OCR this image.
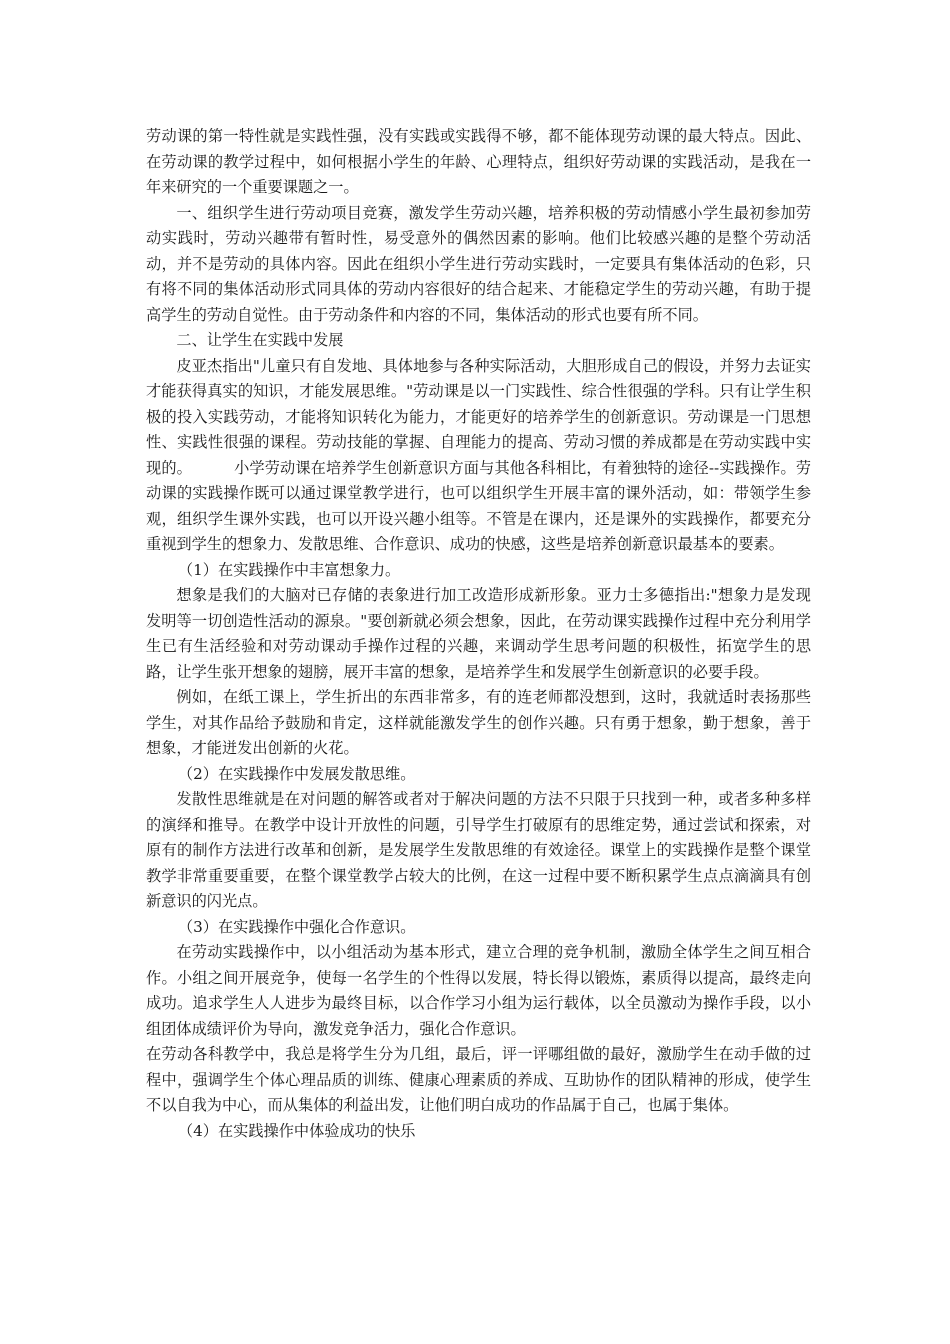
劳动课的第一特性就是实践性强，没有实践或实践得不够，都不能体现劳动课的最大特点。因此、在劳动课的教学过程中，如何根据小学生的年龄、心理特点，组织好劳动课的实践活动，是我在一年来研究的一个重要课题之一。

一、组织学生进行劳动项目竞赛，激发学生劳动兴趣，培养积极的劳动情感小学生最初参加劳动实践时，劳动兴趣带有暂时性，易受意外的偶然因素的影响。他们比较感兴趣的是整个劳动活动，并不是劳动的具体内容。因此在组织小学生进行劳动实践时，一定要具有集体活动的色彩，只有将不同的集体活动形式同具体的劳动内容很好的结合起来、才能稳定学生的劳动兴趣，有助于提高学生的劳动自觉性。由于劳动条件和内容的不同，集体活动的形式也要有所不同。

二、让学生在实践中发展

皮亚杰指出"儿童只有自发地、具体地参与各种实际活动，大胆形成自己的假设，并努力去证实才能获得真实的知识，才能发展思维。"劳动课是以一门实践性、综合性很强的学科。只有让学生积极的投入实践劳动，才能将知识转化为能力，才能更好的培养学生的创新意识。劳动课是一门思想性、实践性很强的课程。劳动技能的掌握、自理能力的提高、劳动习惯的养成都是在劳动实践中实现的。	小学劳动课在培养学生创新意识方面与其他各科相比，有着独特的途径--实践操作。劳动课的实践操作既可以通过课堂教学进行，也可以组织学生开展丰富的课外活动，如：带领学生参观，组织学生课外实践，也可以开设兴趣小组等。不管是在课内，还是课外的实践操作，都要充分重视到学生的想象力、发散思维、合作意识、成功的快感，这些是培养创新意识最基本的要素。

（1）在实践操作中丰富想象力。

想象是我们的大脑对已存储的表象进行加工改造形成新形象。亚力士多德指出:"想象力是发现发明等一切创造性活动的源泉。"要创新就必须会想象，因此，在劳动课实践操作过程中充分利用学生已有生活经验和对劳动课动手操作过程的兴趣，来调动学生思考问题的积极性，拓宽学生的思路，让学生张开想象的翅膀，展开丰富的想象，是培养学生和发展学生创新意识的必要手段。

例如，在纸工课上，学生折出的东西非常多，有的连老师都没想到，这时，我就适时表扬那些学生，对其作品给予鼓励和肯定，这样就能激发学生的创作兴趣。只有勇于想象，勤于想象，善于想象，才能迸发出创新的火花。

（2）在实践操作中发展发散思维。

发散性思维就是在对问题的解答或者对于解决问题的方法不只限于只找到一种，或者多种多样的演绎和推导。在教学中设计开放性的问题，引导学生打破原有的思维定势，通过尝试和探索，对原有的制作方法进行改革和创新，是发展学生发散思维的有效途径。课堂上的实践操作是整个课堂教学非常重要重要，在整个课堂教学占较大的比例，在这一过程中要不断积累学生点点滴滴具有创新意识的闪光点。

（3）在实践操作中强化合作意识。

在劳动实践操作中，以小组活动为基本形式，建立合理的竞争机制，激励全体学生之间互相合作。小组之间开展竞争，使每一名学生的个性得以发展，特长得以锻炼，素质得以提高，最终走向成功。追求学生人人进步为最终目标，以合作学习小组为运行载体，以全员激动为操作手段，以小组团体成绩评价为导向，激发竞争活力，强化合作意识。

在劳动各科教学中，我总是将学生分为几组，最后，评一评哪组做的最好，激励学生在动手做的过程中，强调学生个体心理品质的训练、健康心理素质的养成、互助协作的团队精神的形成，使学生不以自我为中心，而从集体的利益出发，让他们明白成功的作品属于自己，也属于集体。

（4）在实践操作中体验成功的快乐
